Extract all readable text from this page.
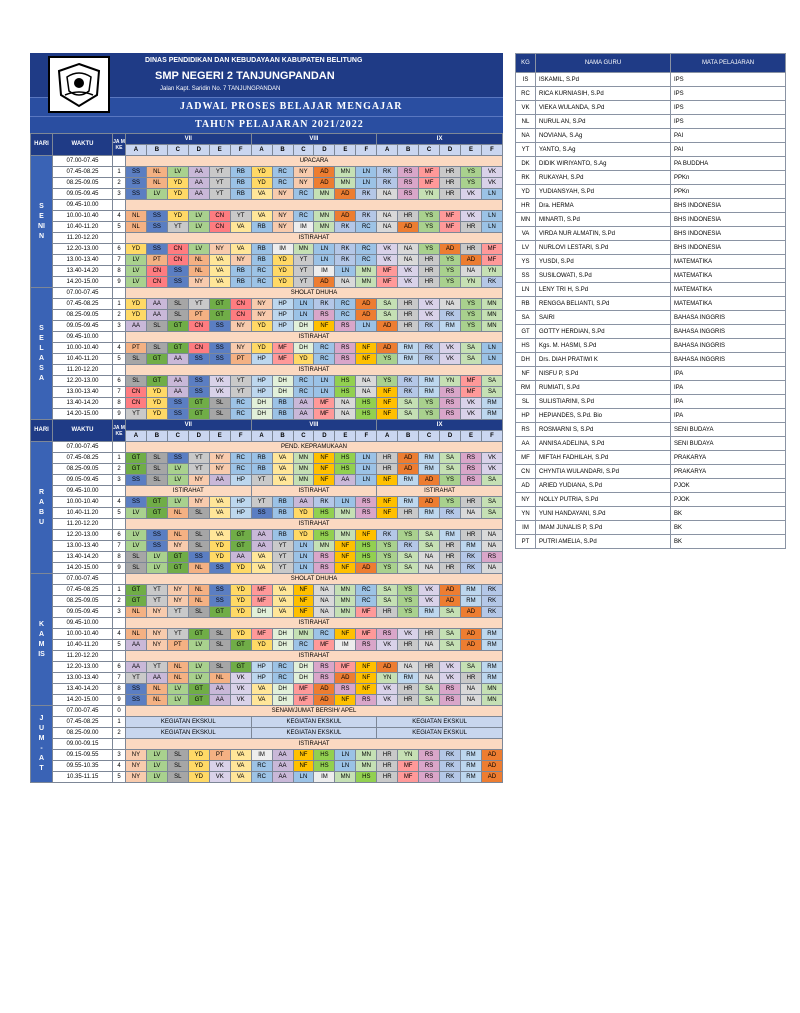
DINAS PENDIDIKAN DAN KEBUDAYAAN KABUPATEN BELITUNG
SMP NEGERI 2 TANJUNGPANDAN
Jalan Kapt. Saridin No. 7 TANJUNGPANDAN
JADWAL PROSES BELAJAR MENGAJAR
TAHUN PELAJARAN 2021/2022
HARI	WAKTU	JA M KE	VII						VIII						IX					
			A	B	C	D	E	F	A	B	C	D	E	F	A	B	C	D	E	F
SENIN	07.00-07.45		UPACARA																	
	07.45-08.25	1	SS	NL	LV	AA	YT	RB	YD	RC	NY	AD	MN	LN	RK	RS	MF	HR	YS	VK
	08.25-09.05	2	SS	NL	YD	AA	YT	RB	YD	RC	NY	AD	MN	LN	RK	RS	MF	HR	YS	VK
	09.05-09.45	3	SS	LV	YD	AA	YT	RB	VA	NY	RC	MN	AD	RK	NA	RS	YN	HR	VK	LN
	09.45-10.00																			
	10.00-10.40	4	NL	SS	YD	LV	CN	YT	VA	NY	RC	MN	AD	RK	NA	HR	YS	MF	VK	LN
	10.40-11.20	5	NL	SS	YT	LV	CN	VA	RB	NY	IM	MN	RK	RC	NA	AD	YS	MF	HR	LN
	11.20-12.20		ISTIRAHAT																	
	12.20-13.00	6	YD	SS	CN	LV	NY	VA	RB	IM	MN	LN	RK	RC	VK	NA	YS	AD	HR	MF
	13.00-13.40	7	LV	PT	CN	NL	VA	NY	RB	YD	YT	LN	RK	RC	VK	NA	HR	YS	AD	MF
	13.40-14.20	8	LV	CN	SS	NL	VA	RB	RC	YD	YT	IM	LN	MN	MF	VK	HR	YS	NA	YN
	14.20-15.00	9	LV	CN	SS	NY	VA	RB	RC	YD	YT	AD	NA	MN	MF	VK	HR	YS	YN	RK
SELASA	07.00-07.45		SHOLAT DHUHA																	
	07.45-08.25	1	YD	AA	SL	YT	GT	CN	NY	HP	LN	RK	RC	AD	SA	HR	VK	NA	YS	MN
	08.25-09.05	2	YD	AA	SL	PT	GT	CN	NY	HP	LN	RS	RC	AD	SA	HR	VK	RK	YS	MN
	09.05-09.45	3	AA	SL	GT	CN	SS	NY	YD	HP	DH	NF	RS	LN	AD	HR	RK	RM	YS	MN
	09.45-10.00		ISTIRAHAT																	
	10.00-10.40	4	PT	SL	GT	CN	SS	NY	YD	MF	DH	RC	RS	NF	AD	RM	RK	VK	SA	LN
	10.40-11.20	5	SL	GT	AA	SS	SS	PT	HP	MF	YD	RC	RS	NF	YS	RM	RK	VK	SA	LN
	11.20-12.20		ISTIRAHAT																	
	12.20-13.00	6	SL	GT	AA	SS	VK	YT	HP	DH	RC	LN	HS	NA	YS	RK	RM	YN	MF	SA
	13.00-13.40	7	CN	YD	AA	SS	VK	YT	HP	DH	RC	LN	HS	NA	NF	RK	RM	RS	MF	SA
	13.40-14.20	8	CN	YD	SS	GT	SL	RC	DH	RB	AA	MF	NA	HS	NF	SA	YS	RS	VK	RM
	14.20-15.00	9	YT	YD	SS	GT	SL	RC	DH	RB	AA	MF	NA	HS	NF	SA	YS	RS	VK	RM
HARI	WAKTU	JA M KE	VII						VIII						IX					
			A	B	C	D	E	F	A	B	C	D	E	F	A	B	C	D	E	F
RABU	07.00-07.45		PEND. KEPRAMUKAAN																	
	07.45-08.25	1	GT	SL	SS	YT	NY	RC	RB	VA	MN	NF	HS	LN	HR	AD	RM	SA	RS	VK
	08.25-09.05	2	GT	SL	LV	YT	NY	RC	RB	VA	MN	NF	HS	LN	HR	AD	RM	SA	RS	VK
	09.05-09.45	3	SS	SL	LV	NY	AA	HP	YT	VA	MN	NF	AA	LN	NF	RM	AD	YS	RS	SA
	09.45-10.00		ISTIRAHAT						ISTIRAHAT						ISTIRAHAT					
	10.00-10.40	4	SS	GT	LV	NY	VA	HP	YT	RB	AA	RK	LN	RS	NF	RM	AD	YS	HR	SA
	10.40-11.20	5	LV	GT	NL	SL	VA	HP	SS	RB	YD	HS	MN	RS	NF	HR	RM	RK	NA	SA
	11.20-12.20		ISTIRAHAT																	
	12.20-13.00	6	LV	SS	NL	SL	VA	GT	AA	RB	YD	HS	MN	NF	RK	YS	SA	RM	HR	NA
	13.00-13.40	7	LV	SS	NY	SL	YD	GT	AA	YT	LN	MN	NF	HS	YS	RK	SA	HR	RM	NA
	13.40-14.20	8	SL	LV	GT	SS	YD	AA	VA	YT	LN	RS	NF	HS	YS	SA	NA	HR	RK	RS
	14.20-15.00	9	SL	LV	GT	NL	SS	YD	VA	YT	LN	RS	NF	AD	YS	SA	NA	HR	RK	NA
KAMIS	07.00-07.45		SHOLAT DHUHA																	
	07.45-08.25	1	GT	YT	NY	NL	SS	YD	MF	VA	NF	NA	MN	RC	SA	YS	VK	AD	RM	RK
	08.25-09.05	2	GT	YT	NY	NL	SS	YD	MF	VA	NF	NA	MN	RC	SA	YS	VK	AD	RM	RK
	09.05-09.45	3	NL	NY	YT	SL	GT	YD	DH	VA	NF	NA	MN	MF	HR	YS	RM	SA	AD	RK
	09.45-10.00		ISTIRAHAT																	
	10.00-10.40	4	NL	NY	YT	GT	SL	YD	MF	DH	MN	RC	NF	MF	RS	VK	HR	SA	AD	RM
	10.40-11.20	5	AA	NY	PT	LV	SL	GT	YD	DH	RC	MF	IM	RS	VK	HR	NA	SA	AD	RM
	11.20-12.20		ISTIRAHAT																	
	12.20-13.00	6	AA	YT	NL	LV	SL	GT	HP	RC	DH	RS	MF	NF	AD	NA	HR	VK	SA	RM
	13.00-13.40	7	YT	AA	NL	LV	NL	VK	HP	RC	DH	RS	AD	NF	YN	RM	NA	VK	HR	RM
	13.40-14.20	8	SS	NL	LV	GT	AA	VK	VA	DH	MF	AD	RS	NF	VK	HR	SA	RS	NA	MN
	14.20-15.00	9	SS	NL	LV	GT	AA	VK	VA	DH	MF	AD	NF	RS	VK	HR	SA	RS	NA	MN
JUM-AT	07.00-07.45	0	SENAM/JUMAT BERSIH/ APEL																	
	07.45-08.25	1	KEGIATAN EKSKUL						KEGIATAN EKSKUL						KEGIATAN EKSKUL					
	08.25-09.00	2	KEGIATAN EKSKUL						KEGIATAN EKSKUL						KEGIATAN EKSKUL					
	09.00-09.15		ISTIRAHAT																	
	09.15-09.55	3	NY	LV	SL	YD	PT	VA	IM	AA	NF	HS	LN	MN	HR	YN	RS	RK	RM	AD
	09.55-10.35	4	NY	LV	SL	YD	VK	VA	RC	AA	NF	HS	LN	MN	HR	MF	RS	RK	RM	AD
	10.35-11.15	5	NY	LV	SL	YD	VK	VA	RC	AA	LN	IM	MN	HS	HR	MF	RS	RK	RM	AD
KG	NAMA GURU	MATA PELAJARAN
IS	ISKAMIL, S.Pd	IPS
RC	RICA KURNIASIH, S.Pd	IPS
VK	VIEKA WULANDA, S.Pd	IPS
NL	NURUL AN, S.Pd	IPS
NA	NOVIANA, S.Ag	PAI
YT	YANTO, S.Ag	PAI
DK	DIDIK WIRIYANTO, S.Ag	PA BUDDHA
RK	RUKAYAH, S.Pd	PPKn
YD	YUDIANSYAH, S.Pd	PPKn
HR	Dra. HERMA	BHS INDONESIA
MN	MINARTI, S.Pd	BHS INDONESIA
VA	VIRDA NUR ALMATIN, S.Pd	BHS INDONESIA
LV	NURLOVI LESTARI, S.Pd	BHS INDONESIA
YS	YUSDI, S.Pd	MATEMATIKA
SS	SUSILOWATI, S.Pd	MATEMATIKA
LN	LENY TRI H, S.Pd	MATEMATIKA
RB	RENGGA BELIANTI, S.Pd	MATEMATIKA
SA	SAIRI	BAHASA INGGRIS
GT	GOTTY HERDIAN, S.Pd	BAHASA INGGRIS
HS	Kgs. M. HASMI, S.Pd	BAHASA INGGRIS
DH	Drs. DIAH PRATIWI K	BAHASA INGGRIS
NF	NISFU P, S.Pd	IPA
RM	RUMIATI, S.Pd	IPA
SL	SULISTIARINI, S.Pd	IPA
HP	HEPIANDES, S.Pd. Bio	IPA
RS	ROSMARNI S, S.Pd	SENI BUDAYA
AA	ANNISA ADELINA, S.Pd	SENI BUDAYA
MF	MIFTAH FADHILAH, S.Pd	PRAKARYA
CN	CHYNTIA WULANDARI, S.Pd	PRAKARYA
AD	ARIED YUDIANA, S.Pd	PJOK
NY	NOLLY PUTRIA, S.Pd	PJOK
YN	YUNI HANDAYANI, S.Pd	BK
IM	IMAM JUNALIS P, S.Pd	BK
PT	PUTRI AMELIA, S.Pd	BK
